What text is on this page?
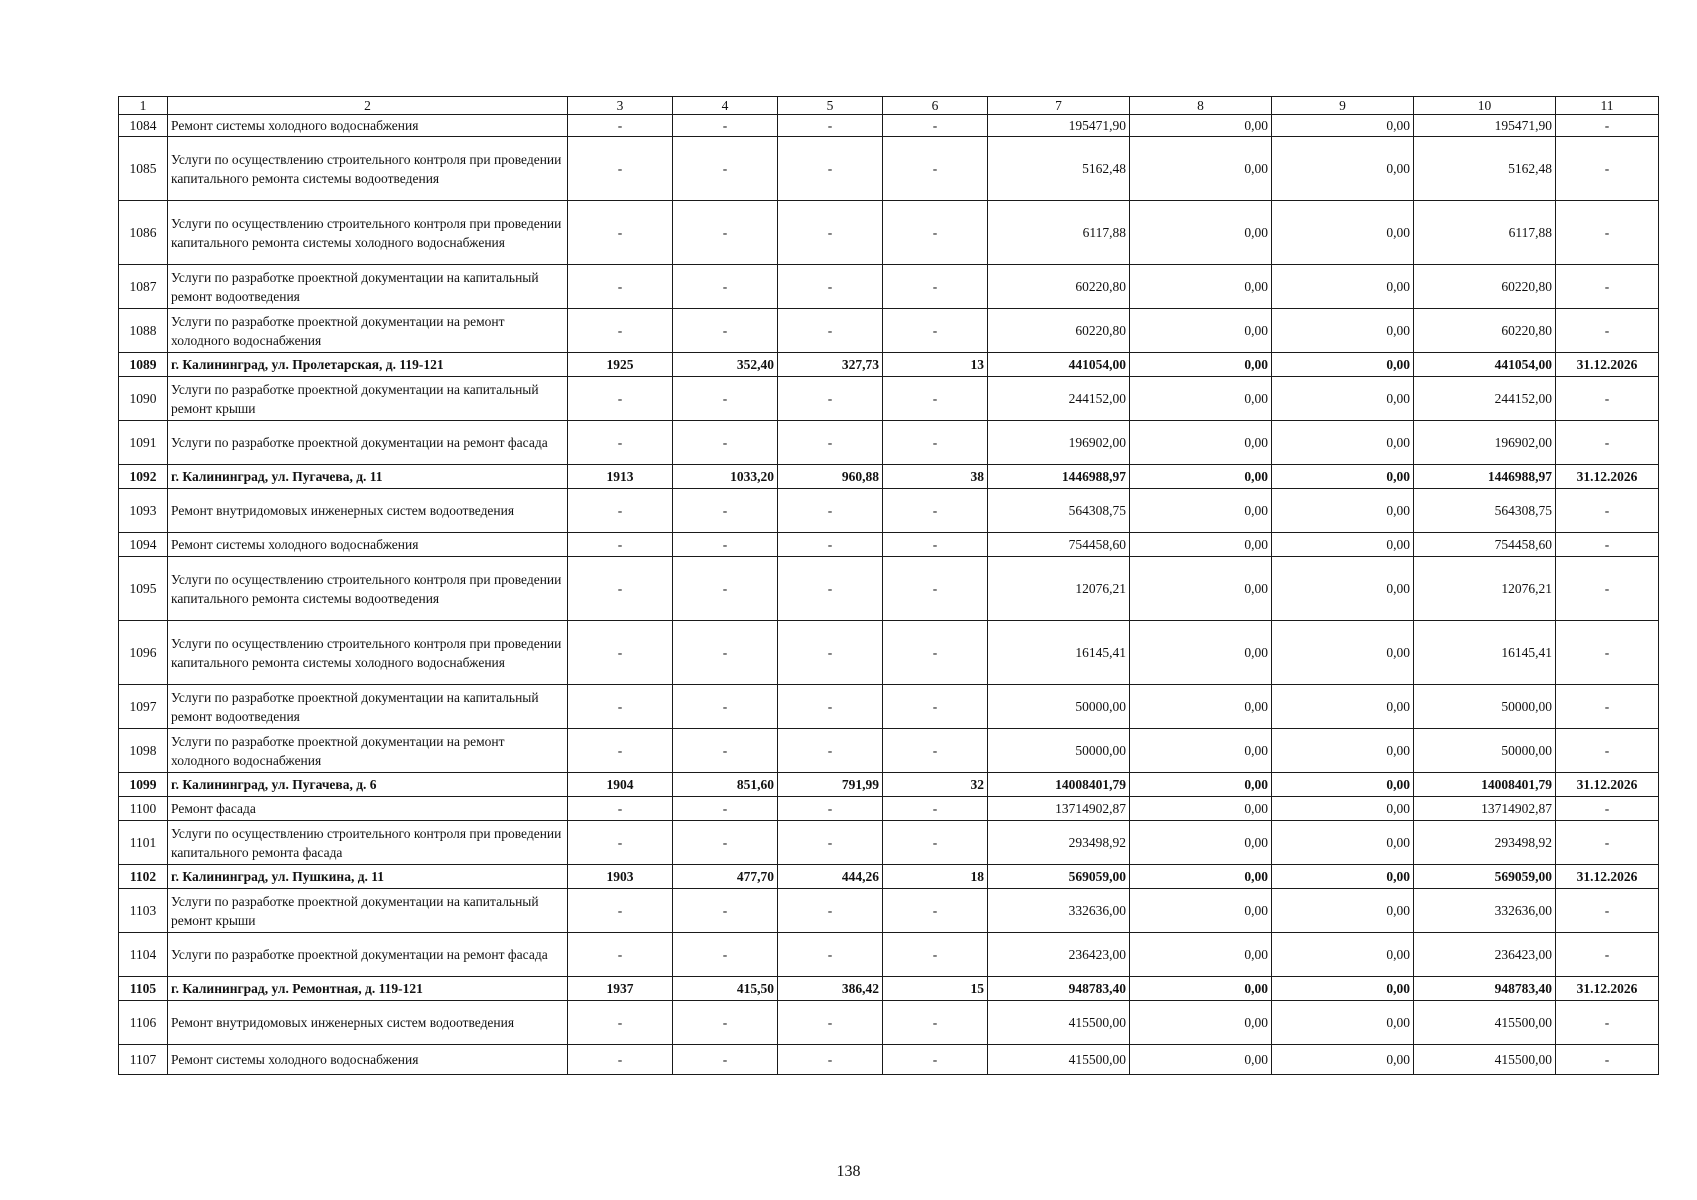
1	2	3	4	5	6	7	8	9	10	11
1084	Ремонт системы холодного водоснабжения	-	-	-	-	195471,90	0,00	0,00	195471,90	-
1085	Услуги по осуществлению строительного контроля при проведении капитального ремонта системы водоотведения	-	-	-	-	5162,48	0,00	0,00	5162,48	-
1086	Услуги по осуществлению строительного контроля при проведении капитального ремонта системы холодного водоснабжения	-	-	-	-	6117,88	0,00	0,00	6117,88	-
1087	Услуги по разработке проектной документации на капитальный ремонт водоотведения	-	-	-	-	60220,80	0,00	0,00	60220,80	-
1088	Услуги по разработке проектной документации на ремонт холодного водоснабжения	-	-	-	-	60220,80	0,00	0,00	60220,80	-
1089	г. Калининград, ул. Пролетарская, д. 119-121	1925	352,40	327,73	13	441054,00	0,00	0,00	441054,00	31.12.2026
1090	Услуги по разработке проектной документации на капитальный ремонт крыши	-	-	-	-	244152,00	0,00	0,00	244152,00	-
1091	Услуги по разработке проектной документации на ремонт фасада	-	-	-	-	196902,00	0,00	0,00	196902,00	-
1092	г. Калининград, ул. Пугачева, д. 11	1913	1033,20	960,88	38	1446988,97	0,00	0,00	1446988,97	31.12.2026
1093	Ремонт внутридомовых инженерных систем водоотведения	-	-	-	-	564308,75	0,00	0,00	564308,75	-
1094	Ремонт системы холодного водоснабжения	-	-	-	-	754458,60	0,00	0,00	754458,60	-
1095	Услуги по осуществлению строительного контроля при проведении капитального ремонта системы водоотведения	-	-	-	-	12076,21	0,00	0,00	12076,21	-
1096	Услуги по осуществлению строительного контроля при проведении капитального ремонта системы холодного водоснабжения	-	-	-	-	16145,41	0,00	0,00	16145,41	-
1097	Услуги по разработке проектной документации на капитальный ремонт водоотведения	-	-	-	-	50000,00	0,00	0,00	50000,00	-
1098	Услуги по разработке проектной документации на ремонт холодного водоснабжения	-	-	-	-	50000,00	0,00	0,00	50000,00	-
1099	г. Калининград, ул. Пугачева, д. 6	1904	851,60	791,99	32	14008401,79	0,00	0,00	14008401,79	31.12.2026
1100	Ремонт фасада	-	-	-	-	13714902,87	0,00	0,00	13714902,87	-
1101	Услуги по осуществлению строительного контроля при проведении капитального ремонта фасада	-	-	-	-	293498,92	0,00	0,00	293498,92	-
1102	г. Калининград, ул. Пушкина, д. 11	1903	477,70	444,26	18	569059,00	0,00	0,00	569059,00	31.12.2026
1103	Услуги по разработке проектной документации на капитальный ремонт крыши	-	-	-	-	332636,00	0,00	0,00	332636,00	-
1104	Услуги по разработке проектной документации на ремонт фасада	-	-	-	-	236423,00	0,00	0,00	236423,00	-
1105	г. Калининград, ул. Ремонтная, д. 119-121	1937	415,50	386,42	15	948783,40	0,00	0,00	948783,40	31.12.2026
1106	Ремонт внутридомовых инженерных систем водоотведения	-	-	-	-	415500,00	0,00	0,00	415500,00	-
1107	Ремонт системы холодного водоснабжения	-	-	-	-	415500,00	0,00	0,00	415500,00	-
138
